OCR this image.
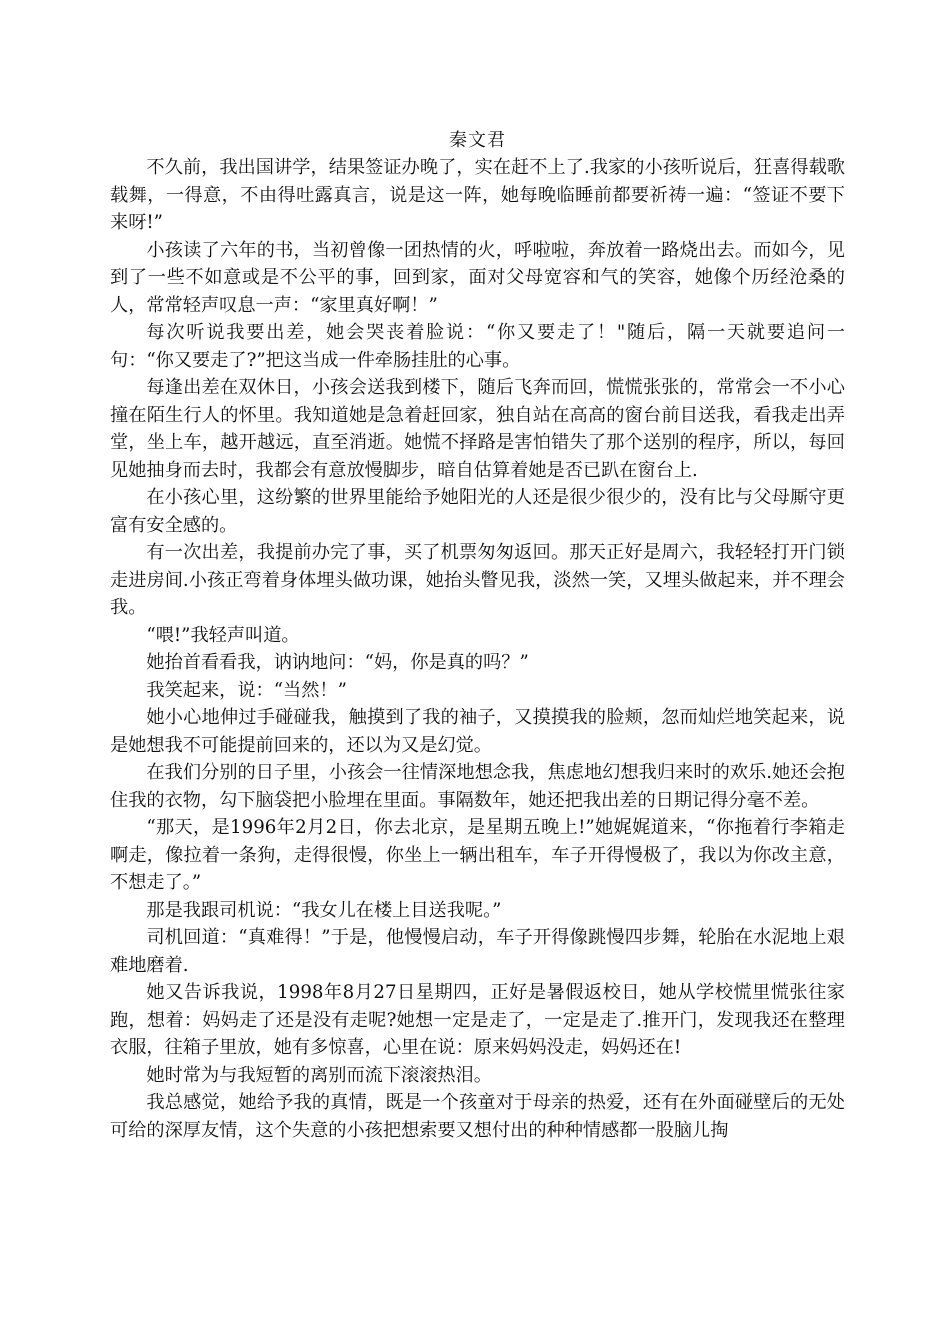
秦文君

不久前，我出国讲学，结果签证办晚了，实在赶不上了.我家的小孩听说后，狂喜得载歌载舞，一得意，不由得吐露真言，说是这一阵，她每晚临睡前都要祈祷一遍：“签证不要下来呀!”

小孩读了六年的书，当初曾像一团热情的火，呼啦啦，奔放着一路烧出去。而如今，见到了一些不如意或是不公平的事，回到家，面对父母宽容和气的笑容，她像个历经沧桑的人，常常轻声叹息一声：“家里真好啊！”

每次听说我要出差，她会哭丧着脸说：“你又要走了！"随后，隔一天就要追问一句：“你又要走了?”把这当成一件牵肠挂肚的心事。

每逢出差在双休日，小孩会送我到楼下，随后飞奔而回，慌慌张张的，常常会一不小心撞在陌生行人的怀里。我知道她是急着赶回家，独自站在高高的窗台前目送我，看我走出弄堂，坐上车，越开越远，直至消逝。她慌不择路是害怕错失了那个送别的程序，所以，每回见她抽身而去时，我都会有意放慢脚步，暗自估算着她是否已趴在窗台上.

在小孩心里，这纷繁的世界里能给予她阳光的人还是很少很少的，没有比与父母厮守更富有安全感的。

有一次出差，我提前办完了事，买了机票匆匆返回。那天正好是周六，我轻轻打开门锁走进房间.小孩正弯着身体埋头做功课，她抬头瞥见我，淡然一笑，又埋头做起来，并不理会我。

“喂!”我轻声叫道。

她抬首看看我，讷讷地问：“妈，你是真的吗？”

我笑起来，说：“当然！”

她小心地伸过手碰碰我，触摸到了我的袖子，又摸摸我的脸颊，忽而灿烂地笑起来，说是她想我不可能提前回来的，还以为又是幻觉。

在我们分别的日子里，小孩会一往情深地想念我，焦虑地幻想我归来时的欢乐.她还会抱住我的衣物，勾下脑袋把小脸埋在里面。事隔数年，她还把我出差的日期记得分毫不差。

“那天，是1996年2月2日，你去北京，是星期五晚上!”她娓娓道来，“你拖着行李箱走啊走，像拉着一条狗，走得很慢，你坐上一辆出租车，车子开得慢极了，我以为你改主意，不想走了。”

那是我跟司机说：“我女儿在楼上目送我呢。”

司机回道：“真难得！”于是，他慢慢启动，车子开得像跳慢四步舞，轮胎在水泥地上艰难地磨着.

她又告诉我说，1998年8月27日星期四，正好是暑假返校日，她从学校慌里慌张往家跑，想着：妈妈走了还是没有走呢?她想一定是走了，一定是走了.推开门，发现我还在整理衣服，往箱子里放，她有多惊喜，心里在说：原来妈妈没走，妈妈还在!

她时常为与我短暂的离别而流下滚滚热泪。

我总感觉，她给予我的真情，既是一个孩童对于母亲的热爱，还有在外面碰壁后的无处可给的深厚友情，这个失意的小孩把想索要又想付出的种种情感都一股脑儿掏
